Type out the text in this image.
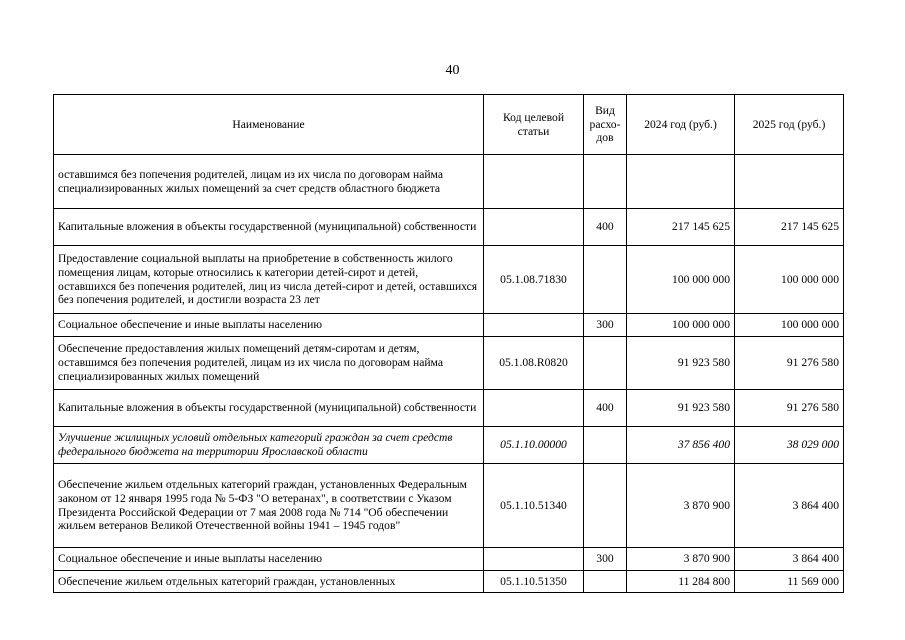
40
Наименование	Код целевой статьи	Вид расхо-дов	2024 год (руб.)	2025 год (руб.)
оставшимся без попечения родителей, лицам из их числа по договорам найма специализированных жилых помещений за счет средств областного бюджета				
Капитальные вложения в объекты государственной (муниципальной) собственности		400	217 145 625	217 145 625
Предоставление социальной выплаты на приобретение в собственность жилого помещения лицам, которые относились к категории детей-сирот и детей, оставшихся без попечения родителей, лиц из числа детей-сирот и детей, оставшихся без попечения родителей, и достигли возраста 23 лет	05.1.08.71830		100 000 000	100 000 000
Социальное обеспечение и иные выплаты населению		300	100 000 000	100 000 000
Обеспечение предоставления жилых помещений детям-сиротам и детям, оставшимся без попечения родителей, лицам из их числа по договорам найма специализированных жилых помещений	05.1.08.R0820		91 923 580	91 276 580
Капитальные вложения в объекты государственной (муниципальной) собственности		400	91 923 580	91 276 580
Улучшение жилищных условий отдельных категорий граждан за счет средств федерального бюджета на территории Ярославской области	05.1.10.00000		37 856 400	38 029 000
Обеспечение жильем отдельных категорий граждан, установленных Федеральным законом от 12 января 1995 года № 5-ФЗ "О ветеранах", в соответствии с Указом Президента Российской Федерации от 7 мая 2008 года № 714 "Об обеспечении жильем ветеранов Великой Отечественной войны 1941 – 1945 годов"	05.1.10.51340		3 870 900	3 864 400
Социальное обеспечение и иные выплаты населению		300	3 870 900	3 864 400
Обеспечение жильем отдельных категорий граждан, установленных	05.1.10.51350		11 284 800	11 569 000
